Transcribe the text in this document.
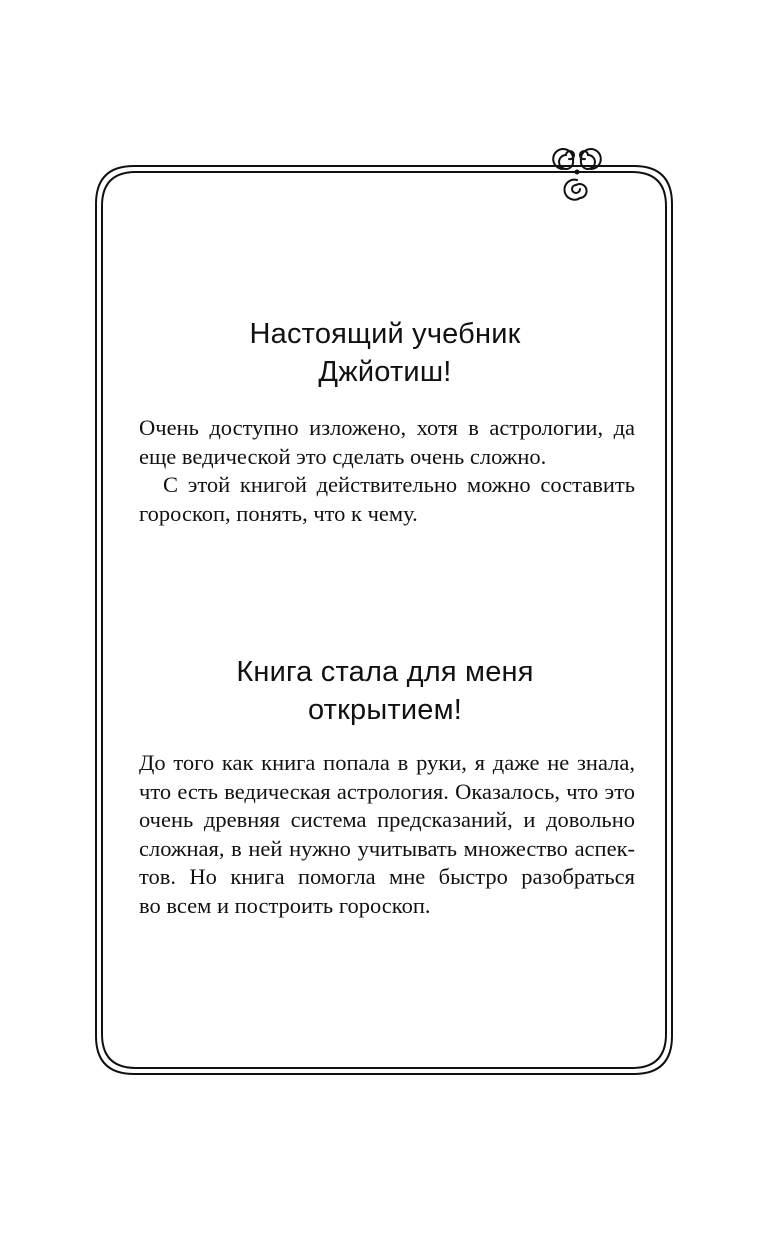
Настоящий учебник
Джйотиш!

Очень доступно изложено, хотя в астрологии, да
еще ведической это сделать очень сложно.

С этой книгой действительно можно составить
гороскоп, понять, что к чему.

Книга стала для меня
открытием!

До того как книга попала в руки, я даже не знала,
что есть ведическая астрология. Оказалось, что это
очень древняя система предсказаний, и довольно
сложная, в ней нужно учитывать множество аспек-
тов. Но книга помогла мне быстро разобраться
во всем и построить гороскоп.
